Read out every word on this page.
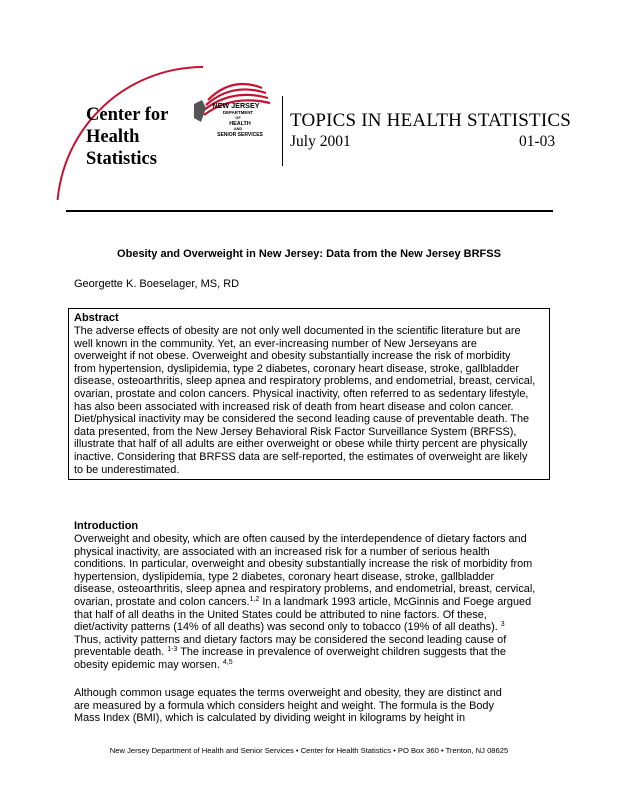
Center for
Health
Statistics
NEW JERSEY
DEPARTMENT
OF
HEALTH
AND
SENIOR SERVICES
TOPICS IN HEALTH STATISTICS
July 2001	01-03
Obesity and Overweight in New Jersey: Data from the New Jersey BRFSS
Georgette K. Boeselager, MS, RD
Abstract
The adverse effects of obesity are not only well documented in the scientific literature but are
well known in the community. Yet, an ever-increasing number of New Jerseyans are
overweight if not obese. Overweight and obesity substantially increase the risk of morbidity
from hypertension, dyslipidemia, type 2 diabetes, coronary heart disease, stroke, gallbladder
disease, osteoarthritis, sleep apnea and respiratory problems, and endometrial, breast, cervical,
ovarian, prostate and colon cancers. Physical inactivity, often referred to as sedentary lifestyle,
has also been associated with increased risk of death from heart disease and colon cancer.
Diet/physical inactivity may be considered the second leading cause of preventable death. The
data presented, from the New Jersey Behavioral Risk Factor Surveillance System (BRFSS),
illustrate that half of all adults are either overweight or obese while thirty percent are physically
inactive. Considering that BRFSS data are self-reported, the estimates of overweight are likely
to be underestimated.
Introduction
Overweight and obesity, which are often caused by the interdependence of dietary factors and
physical inactivity, are associated with an increased risk for a number of serious health
conditions. In particular, overweight and obesity substantially increase the risk of morbidity from
hypertension, dyslipidemia, type 2 diabetes, coronary heart disease, stroke, gallbladder
disease, osteoarthritis, sleep apnea and respiratory problems, and endometrial, breast, cervical,
ovarian, prostate and colon cancers.$^{1,2}$ In a landmark 1993 article, McGinnis and Foege argued
that half of all deaths in the United States could be attributed to nine factors. Of these,
diet/activity patterns (14% of all deaths) was second only to tobacco (19% of all deaths). $^3$
Thus, activity patterns and dietary factors may be considered the second leading cause of
preventable death. $^{1-3}$ The increase in prevalence of overweight children suggests that the
obesity epidemic may worsen. $^{4,5}$
Although common usage equates the terms overweight and obesity, they are distinct and
are measured by a formula which considers height and weight. The formula is the Body
Mass Index (BMI), which is calculated by dividing weight in kilograms by height in
New Jersey Department of Health and Senior Services • Center for Health Statistics • PO Box 360 • Trenton, NJ 08625
